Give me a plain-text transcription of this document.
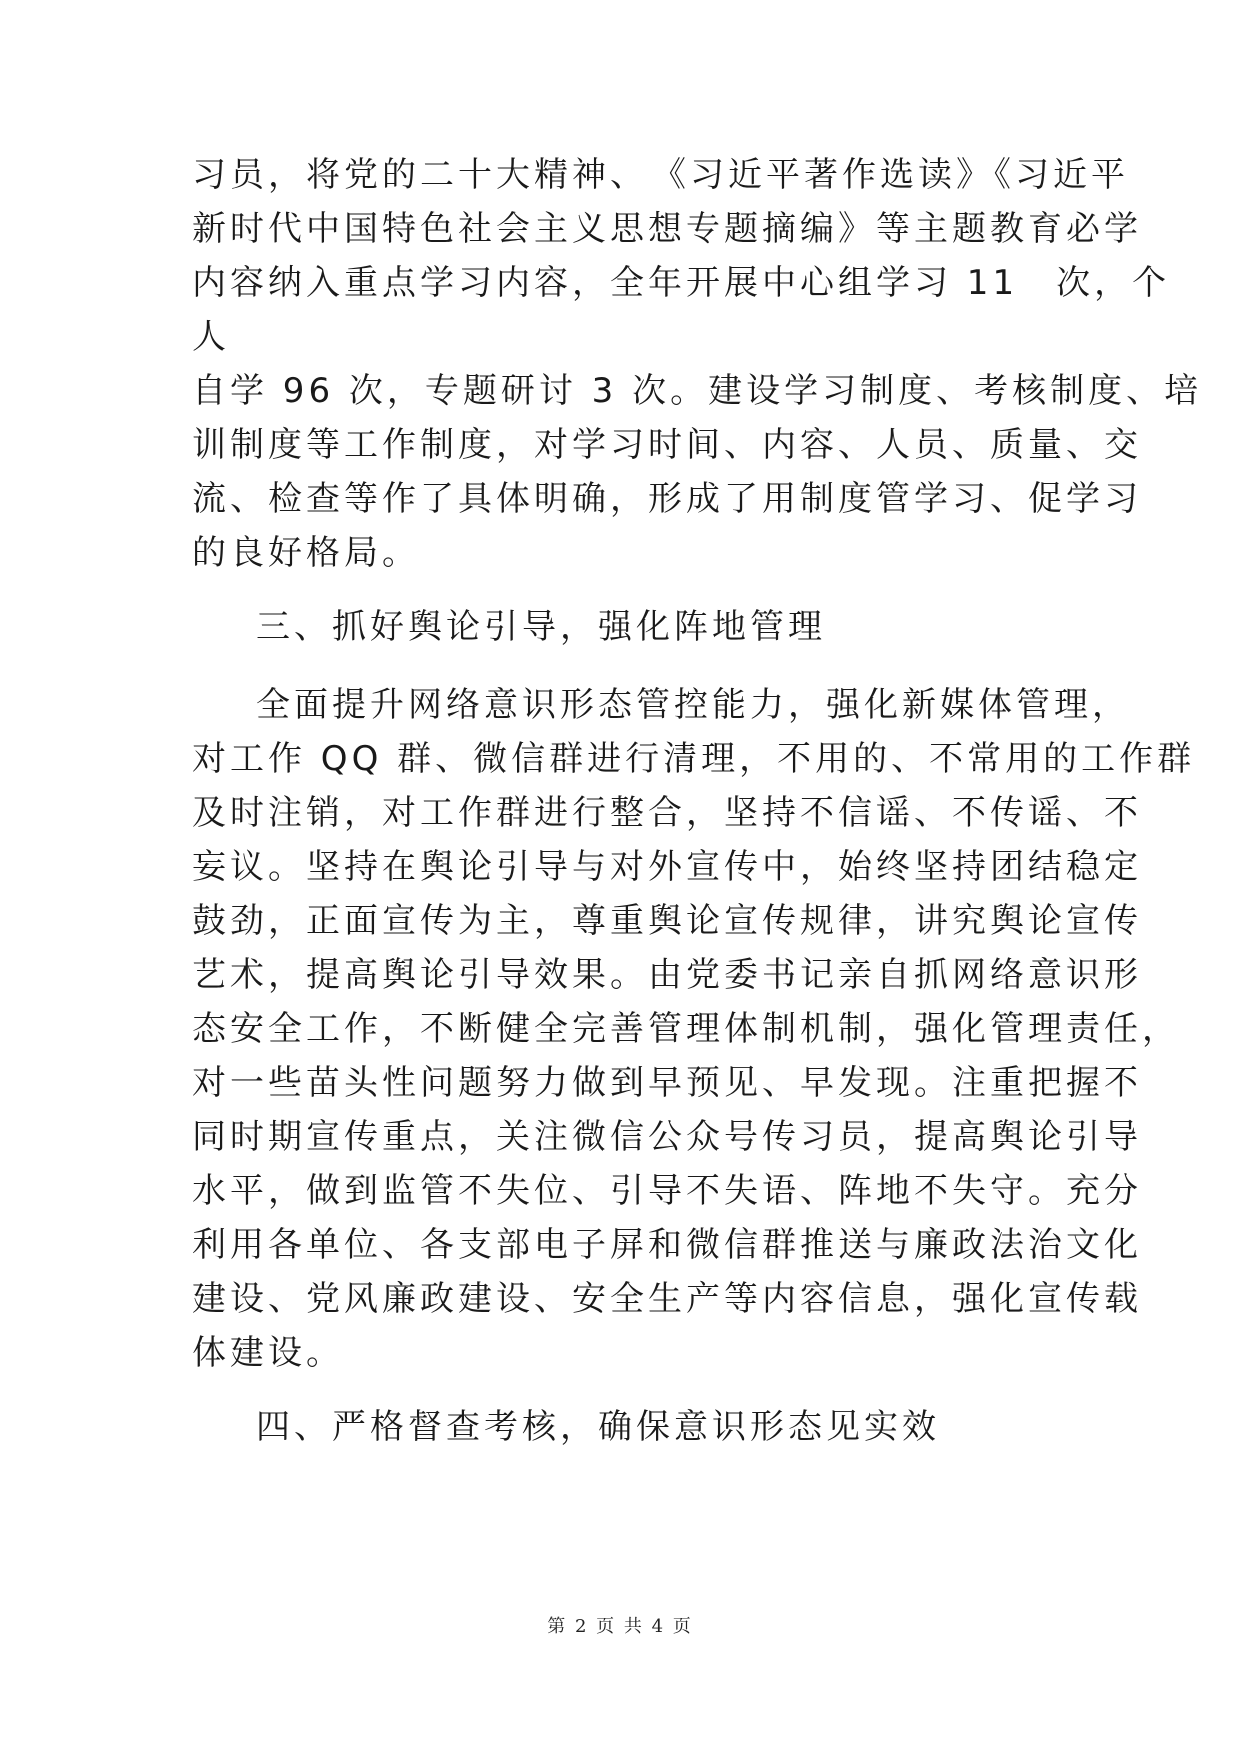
习员，将党的二十大精神、　《习近平著作选读》《习近平
新时代中国特色社会主义思想专题摘编》等主题教育必学
内容纳入重点学习内容，全年开展中心组学习 11　次，个
人
自学 96 次，专题研讨 3 次。建设学习制度、考核制度、培
训制度等工作制度，对学习时间、内容、人员、质量、交
流、检查等作了具体明确，形成了用制度管学习、促学习
的良好格局。
三、抓好舆论引导，强化阵地管理
全面提升网络意识形态管控能力，强化新媒体管理，
对工作 QQ 群、微信群进行清理，不用的、不常用的工作群
及时注销，对工作群进行整合，坚持不信谣、不传谣、不
妄议。坚持在舆论引导与对外宣传中，始终坚持团结稳定
鼓劲，正面宣传为主，尊重舆论宣传规律，讲究舆论宣传
艺术，提高舆论引导效果。由党委书记亲自抓网络意识形
态安全工作，不断健全完善管理体制机制，强化管理责任，
对一些苗头性问题努力做到早预见、早发现。注重把握不
同时期宣传重点，关注微信公众号传习员，提高舆论引导
水平，做到监管不失位、引导不失语、阵地不失守。充分
利用各单位、各支部电子屏和微信群推送与廉政法治文化
建设、党风廉政建设、安全生产等内容信息，强化宣传载
体建设。
四、严格督查考核，确保意识形态见实效
第 2 页 共 4 页
